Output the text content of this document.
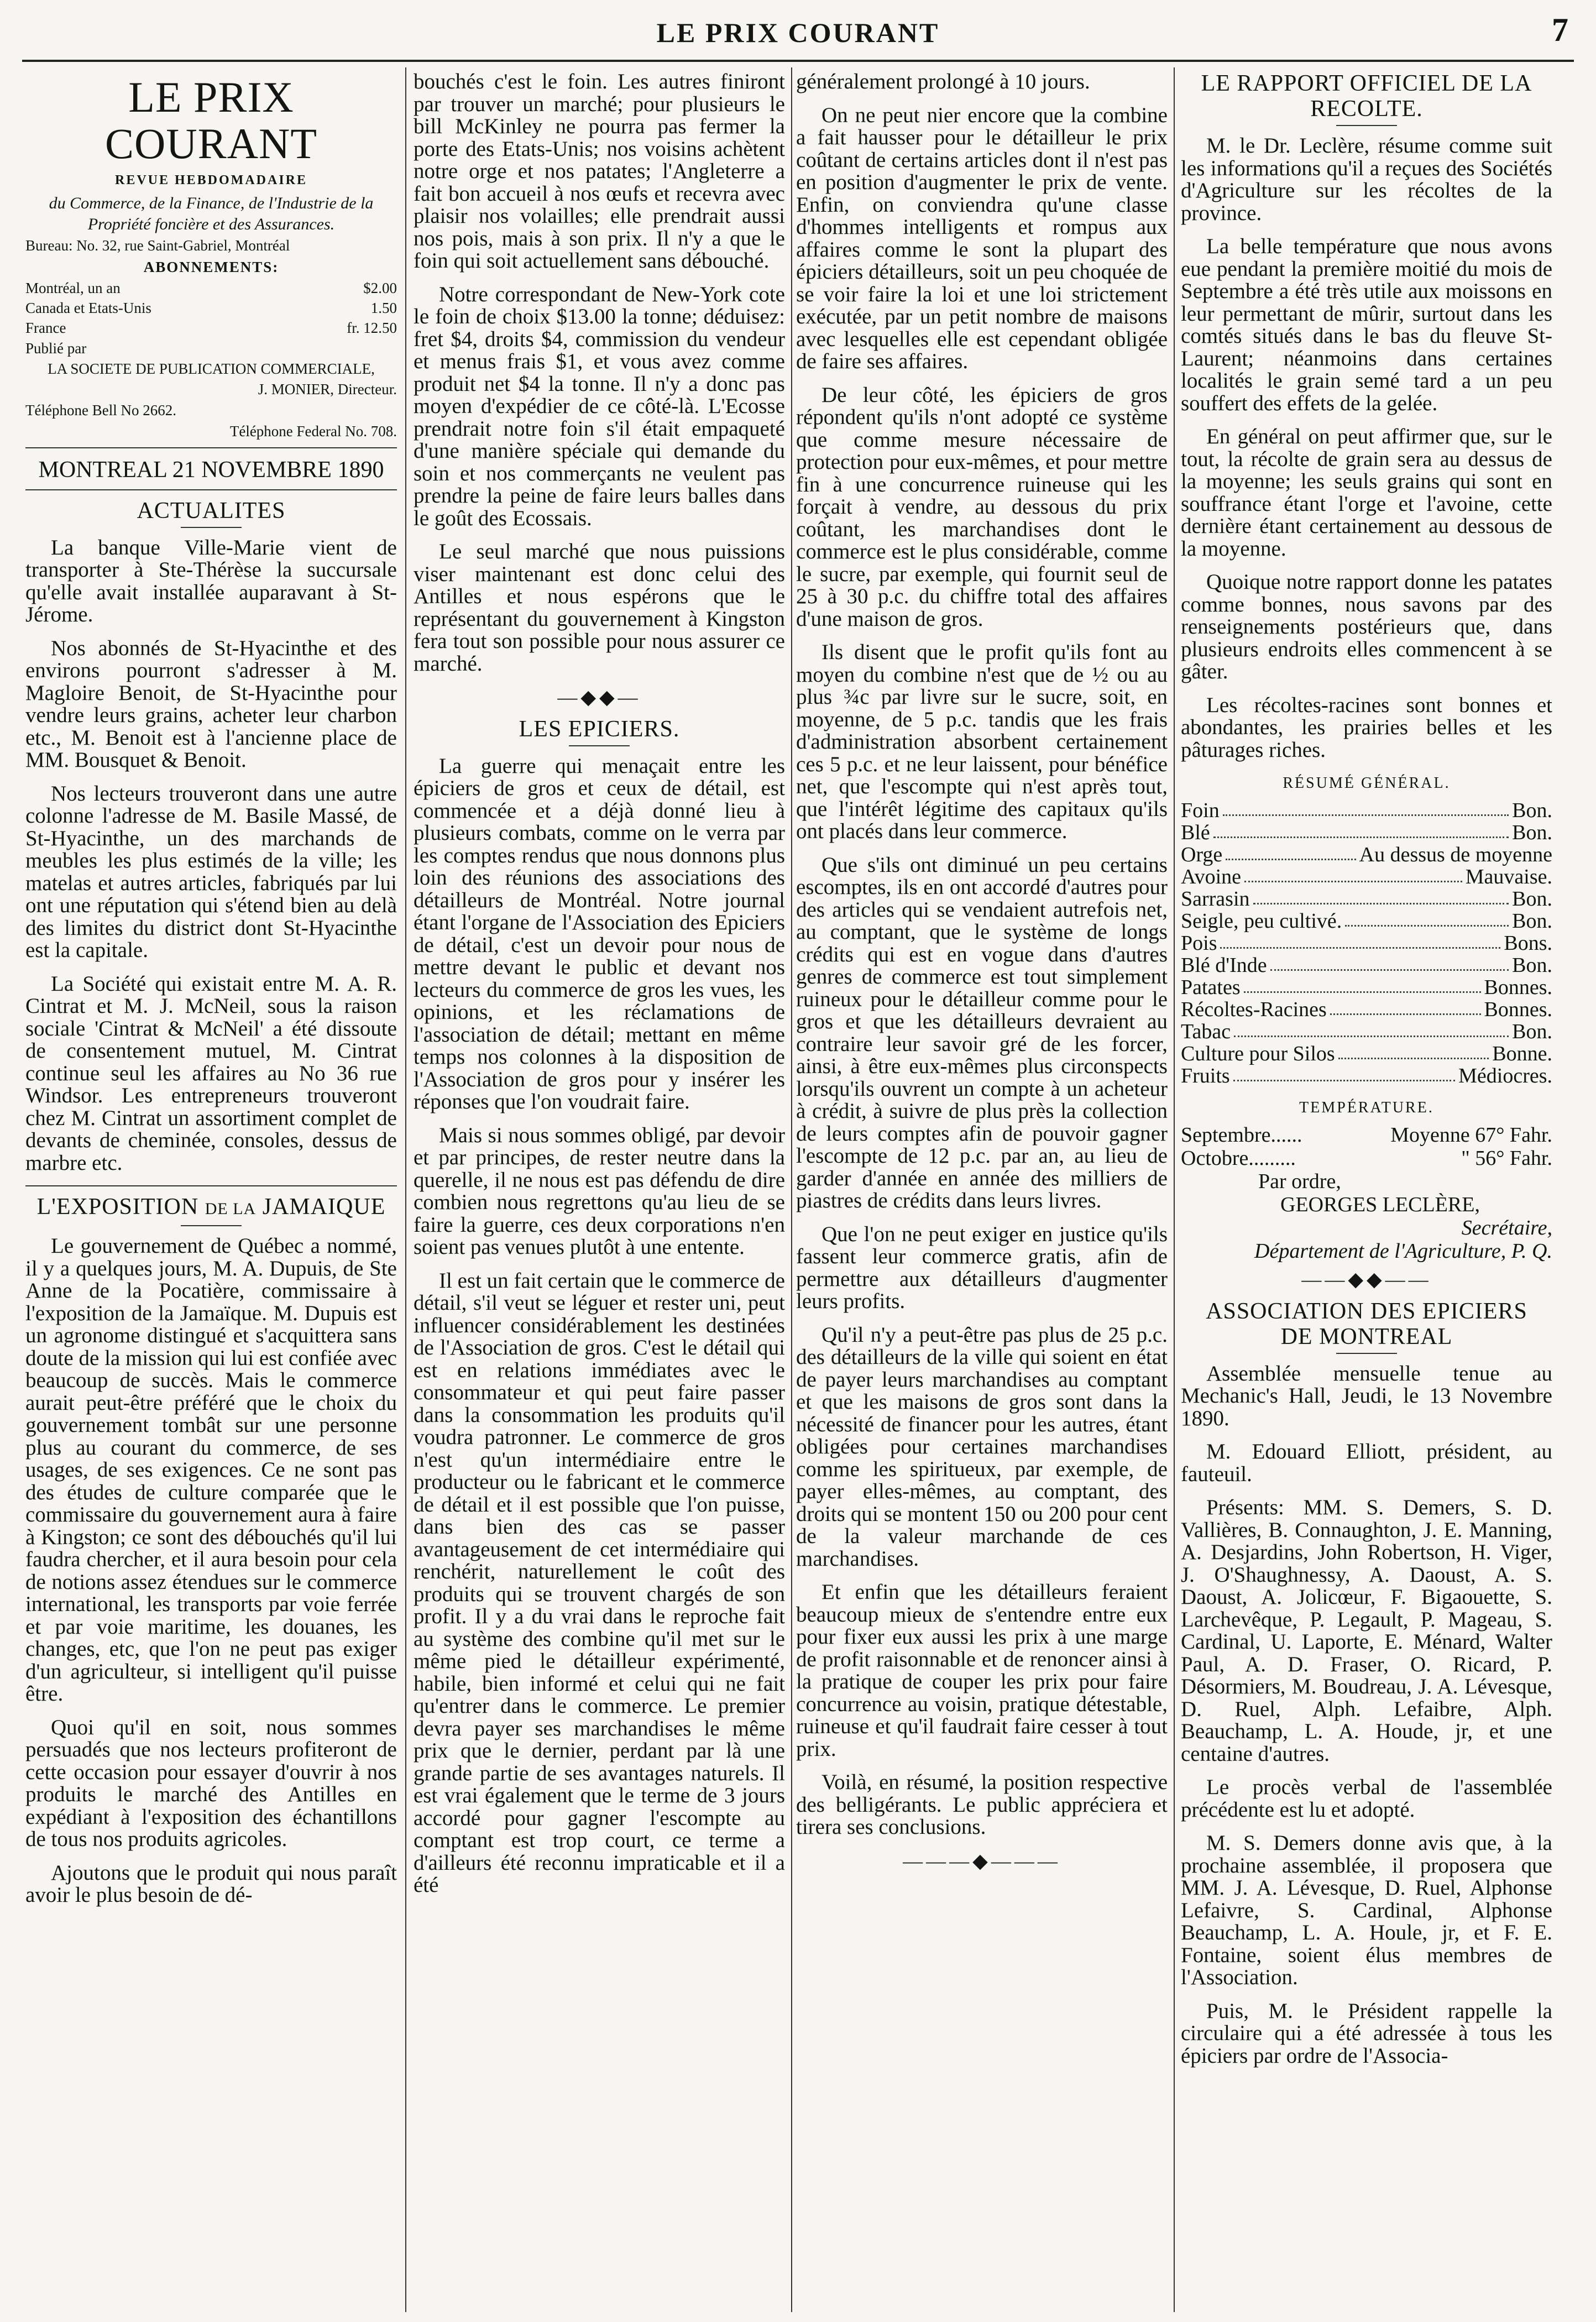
LE PRIX COURANT	7
LE PRIX COURANT
REVUE HEBDOMADAIRE
du Commerce, de la Finance, de l'Industrie de la Propriété foncière et des Assurances.
Bureau: No. 32, rue Saint-Gabriel, Montréal
ABONNEMENTS:
Montréal, un an	$2.00
Canada et Etats-Unis	1.50
France	fr. 12.50
Publié par
LA SOCIETE DE PUBLICATION COMMERCIALE,
J. MONIER, Directeur.
Téléphone Bell No 2662.
Téléphone Federal No. 708.
MONTREAL 21 NOVEMBRE 1890
ACTUALITES

La banque Ville-Marie vient de transporter à Ste-Thérèse la succursale qu'elle avait installée auparavant à St-Jérome.

Nos abonnés de St-Hyacinthe et des environs pourront s'adresser à M. Magloire Benoit, de St-Hyacinthe pour vendre leurs grains, acheter leur charbon etc., M. Benoit est à l'ancienne place de MM. Bousquet & Benoit.

Nos lecteurs trouveront dans une autre colonne l'adresse de M. Basile Massé, de St-Hyacinthe, un des marchands de meubles les plus estimés de la ville; les matelas et autres articles, fabriqués par lui ont une réputation qui s'étend bien au delà des limites du district dont St-Hyacinthe est la capitale.

La Société qui existait entre M. A. R. Cintrat et M. J. McNeil, sous la raison sociale 'Cintrat & McNeil' a été dissoute de consentement mutuel, M. Cintrat continue seul les affaires au No 36 rue Windsor. Les entrepreneurs trouveront chez M. Cintrat un assortiment complet de devants de cheminée, consoles, dessus de marbre etc.

L'EXPOSITION DE LA JAMAIQUE

Le gouvernement de Québec a nommé, il y a quelques jours, M. A. Dupuis, de Ste Anne de la Pocatière, commissaire à l'exposition de la Jamaïque. M. Dupuis est un agronome distingué et s'acquittera sans doute de la mission qui lui est confiée avec beaucoup de succès. Mais le commerce aurait peut-être préféré que le choix du gouvernement tombât sur une personne plus au courant du commerce, de ses usages, de ses exigences. Ce ne sont pas des études de culture comparée que le commissaire du gouvernement aura à faire à Kingston; ce sont des débouchés qu'il lui faudra chercher, et il aura besoin pour cela de notions assez étendues sur le commerce international, les transports par voie ferrée et par voie maritime, les douanes, les changes, etc, que l'on ne peut pas exiger d'un agriculteur, si intelligent qu'il puisse être.

Quoi qu'il en soit, nous sommes persuadés que nos lecteurs profiteront de cette occasion pour essayer d'ouvrir à nos produits le marché des Antilles en expédiant à l'exposition des échantillons de tous nos produits agricoles.

Ajoutons que le produit qui nous paraît avoir le plus besoin de dé-

bouchés c'est le foin. Les autres finiront par trouver un marché; pour plusieurs le bill McKinley ne pourra pas fermer la porte des Etats-Unis; nos voisins achètent notre orge et nos patates; l'Angleterre a fait bon accueil à nos œufs et recevra avec plaisir nos volailles; elle prendrait aussi nos pois, mais à son prix. Il n'y a que le foin qui soit actuellement sans débouché.

Notre correspondant de New-York cote le foin de choix $13.00 la tonne; déduisez: fret $4, droits $4, commission du vendeur et menus frais $1, et vous avez comme produit net $4 la tonne. Il n'y a donc pas moyen d'expédier de ce côté-là. L'Ecosse prendrait notre foin s'il était empaqueté d'une manière spéciale qui demande du soin et nos commerçants ne veulent pas prendre la peine de faire leurs balles dans le goût des Ecossais.

Le seul marché que nous puissions viser maintenant est donc celui des Antilles et nous espérons que le représentant du gouvernement à Kingston fera tout son possible pour nous assurer ce marché.

—◆◆—
LES EPICIERS.

La guerre qui menaçait entre les épiciers de gros et ceux de détail, est commencée et a déjà donné lieu à plusieurs combats, comme on le verra par les comptes rendus que nous donnons plus loin des réunions des associations des détailleurs de Montréal. Notre journal étant l'organe de l'Association des Epiciers de détail, c'est un devoir pour nous de mettre devant le public et devant nos lecteurs du commerce de gros les vues, les opinions, et les réclamations de l'association de détail; mettant en même temps nos colonnes à la disposition de l'Association de gros pour y insérer les réponses que l'on voudrait faire.

Mais si nous sommes obligé, par devoir et par principes, de rester neutre dans la querelle, il ne nous est pas défendu de dire combien nous regrettons qu'au lieu de se faire la guerre, ces deux corporations n'en soient pas venues plutôt à une entente.

Il est un fait certain que le commerce de détail, s'il veut se léguer et rester uni, peut influencer considérablement les destinées de l'Association de gros. C'est le détail qui est en relations immédiates avec le consommateur et qui peut faire passer dans la consommation les produits qu'il voudra patronner. Le commerce de gros n'est qu'un intermédiaire entre le producteur ou le fabricant et le commerce de détail et il est possible que l'on puisse, dans bien des cas se passer avantageusement de cet intermédiaire qui renchérit, naturellement le coût des produits qui se trouvent chargés de son profit. Il y a du vrai dans le reproche fait au système des combine qu'il met sur le même pied le détailleur expérimenté, habile, bien informé et celui qui ne fait qu'entrer dans le commerce. Le premier devra payer ses marchandises le même prix que le dernier, perdant par là une grande partie de ses avantages naturels. Il est vrai également que le terme de 3 jours accordé pour gagner l'escompte au comptant est trop court, ce terme a d'ailleurs été reconnu impraticable et il a été

généralement prolongé à 10 jours.

On ne peut nier encore que la combine a fait hausser pour le détailleur le prix coûtant de certains articles dont il n'est pas en position d'augmenter le prix de vente. Enfin, on conviendra qu'une classe d'hommes intelligents et rompus aux affaires comme le sont la plupart des épiciers détailleurs, soit un peu choquée de se voir faire la loi et une loi strictement exécutée, par un petit nombre de maisons avec lesquelles elle est cependant obligée de faire ses affaires.

De leur côté, les épiciers de gros répondent qu'ils n'ont adopté ce système que comme mesure nécessaire de protection pour eux-mêmes, et pour mettre fin à une concurrence ruineuse qui les forçait à vendre, au dessous du prix coûtant, les marchandises dont le commerce est le plus considérable, comme le sucre, par exemple, qui fournit seul de 25 à 30 p.c. du chiffre total des affaires d'une maison de gros.

Ils disent que le profit qu'ils font au moyen du combine n'est que de ½ ou au plus ¾c par livre sur le sucre, soit, en moyenne, de 5 p.c. tandis que les frais d'administration absorbent certainement ces 5 p.c. et ne leur laissent, pour bénéfice net, que l'escompte qui n'est après tout, que l'intérêt légitime des capitaux qu'ils ont placés dans leur commerce.

Que s'ils ont diminué un peu certains escomptes, ils en ont accordé d'autres pour des articles qui se vendaient autrefois net, au comptant, que le système de longs crédits qui est en vogue dans d'autres genres de commerce est tout simplement ruineux pour le détailleur comme pour le gros et que les détailleurs devraient au contraire leur savoir gré de les forcer, ainsi, à être eux-mêmes plus circonspects lorsqu'ils ouvrent un compte à un acheteur à crédit, à suivre de plus près la collection de leurs comptes afin de pouvoir gagner l'escompte de 12 p.c. par an, au lieu de garder d'année en année des milliers de piastres de crédits dans leurs livres.

Que l'on ne peut exiger en justice qu'ils fassent leur commerce gratis, afin de permettre aux détailleurs d'augmenter leurs profits.

Qu'il n'y a peut-être pas plus de 25 p.c. des détailleurs de la ville qui soient en état de payer leurs marchandises au comptant et que les maisons de gros sont dans la nécessité de financer pour les autres, étant obligées pour certaines marchandises comme les spiritueux, par exemple, de payer elles-mêmes, au comptant, des droits qui se montent 150 ou 200 pour cent de la valeur marchande de ces marchandises.

Et enfin que les détailleurs feraient beaucoup mieux de s'entendre entre eux pour fixer eux aussi les prix à une marge de profit raisonnable et de renoncer ainsi à la pratique de couper les prix pour faire concurrence au voisin, pratique détestable, ruineuse et qu'il faudrait faire cesser à tout prix.

Voilà, en résumé, la position respective des belligérants. Le public appréciera et tirera ses conclusions.

———◆———
LE RAPPORT OFFICIEL DE LA
RECOLTE.

M. le Dr. Leclère, résume comme suit les informations qu'il a reçues des Sociétés d'Agriculture sur les récoltes de la province.

La belle température que nous avons eue pendant la première moitié du mois de Septembre a été très utile aux moissons en leur permettant de mûrir, surtout dans les comtés situés dans le bas du fleuve St-Laurent; néanmoins dans certaines localités le grain semé tard a un peu souffert des effets de la gelée.

En général on peut affirmer que, sur le tout, la récolte de grain sera au dessus de la moyenne; les seuls grains qui sont en souffrance étant l'orge et l'avoine, cette dernière étant certainement au dessous de la moyenne.

Quoique notre rapport donne les patates comme bonnes, nous savons par des renseignements postérieurs que, dans plusieurs endroits elles commencent à se gâter.

Les récoltes-racines sont bonnes et abondantes, les prairies belles et les pâturages riches.

RÉSUMÉ GÉNÉRAL.
Foin	Bon.
Blé	Bon.
Orge	Au dessus de moyenne
Avoine	Mauvaise.
Sarrasin	Bon.
Seigle, peu cultivé.	Bon.
Pois	Bons.
Blé d'Inde	Bon.
Patates	Bonnes.
Récoltes-Racines	Bonnes.
Tabac	Bon.
Culture pour Silos	Bonne.
Fruits	Médiocres.
TEMPÉRATURE.
Septembre......	Moyenne 67° Fahr.
Octobre.........	" 56° Fahr.
Par ordre,
GEORGES LECLÈRE,
Secrétaire,
Département de l'Agriculture, P. Q.
——◆◆——
ASSOCIATION DES EPICIERS
DE MONTREAL

Assemblée mensuelle tenue au Mechanic's Hall, Jeudi, le 13 Novembre 1890.

M. Edouard Elliott, président, au fauteuil.

Présents: MM. S. Demers, S. D. Vallières, B. Connaughton, J. E. Manning, A. Desjardins, John Robertson, H. Viger, J. O'Shaughnessy, A. Daoust, A. S. Daoust, A. Jolicœur, F. Bigaouette, S. Larchevêque, P. Legault, P. Mageau, S. Cardinal, U. Laporte, E. Ménard, Walter Paul, A. D. Fraser, O. Ricard, P. Désormiers, M. Boudreau, J. A. Lévesque, D. Ruel, Alph. Lefaibre, Alph. Beauchamp, L. A. Houde, jr, et une centaine d'autres.

Le procès verbal de l'assemblée précédente est lu et adopté.

M. S. Demers donne avis que, à la prochaine assemblée, il proposera que MM. J. A. Lévesque, D. Ruel, Alphonse Lefaivre, S. Cardinal, Alphonse Beauchamp, L. A. Houle, jr, et F. E. Fontaine, soient élus membres de l'Association.

Puis, M. le Président rappelle la circulaire qui a été adressée à tous les épiciers par ordre de l'Associa-
